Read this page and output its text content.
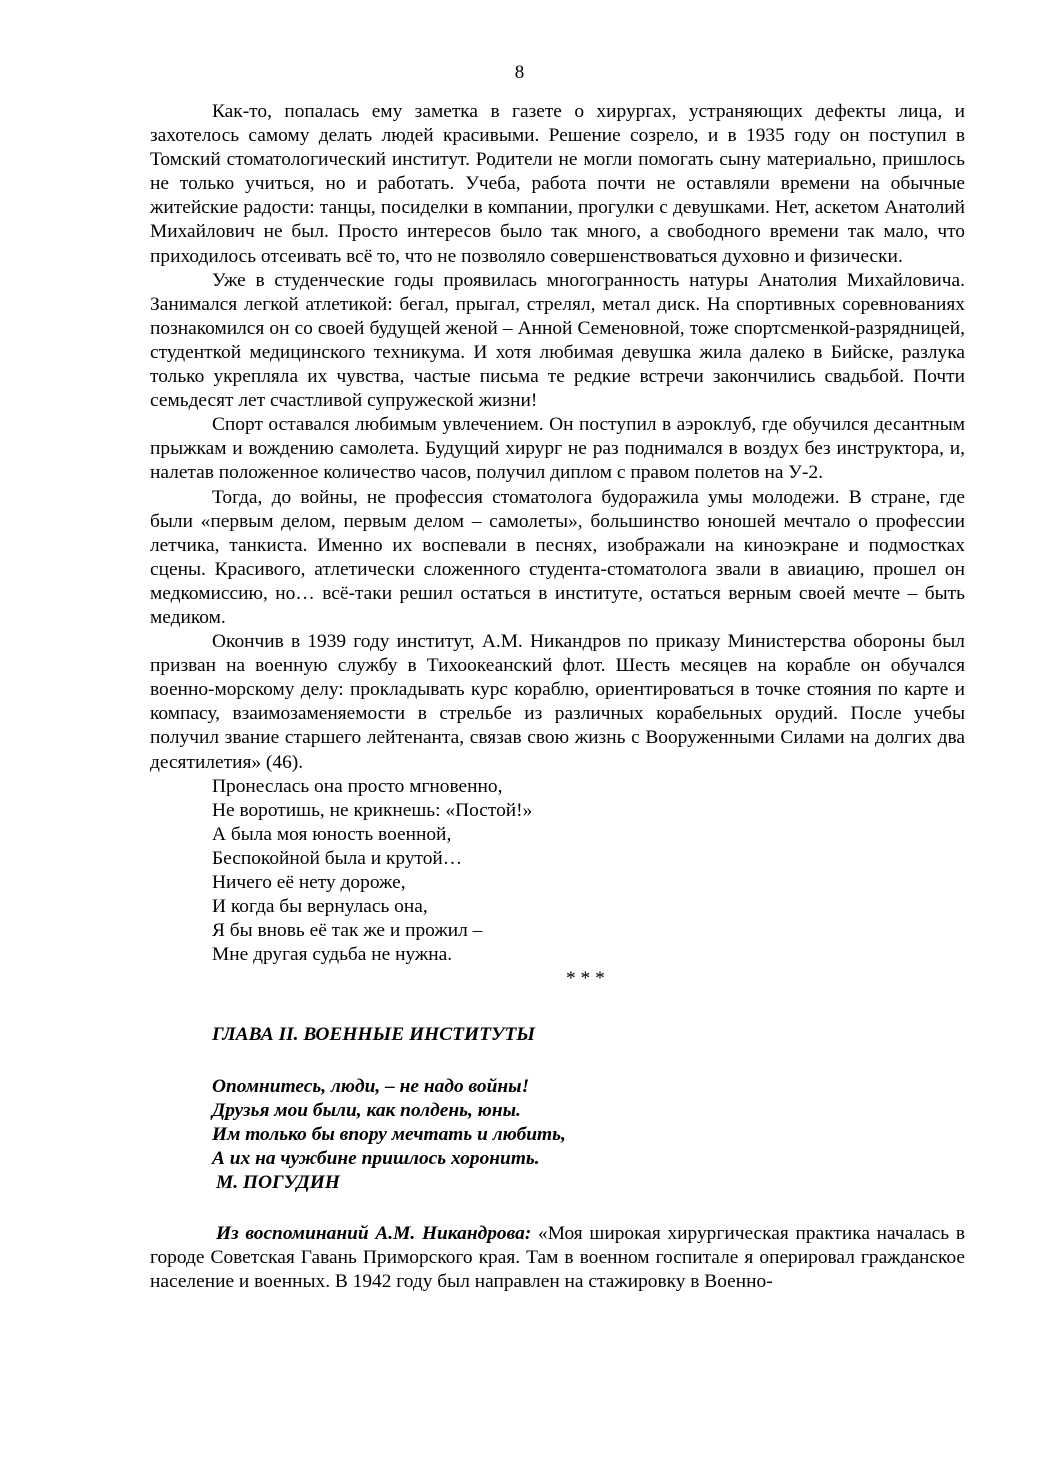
8

Как-то, попалась ему заметка в газете о хирургах, устраняющих дефекты лица, и захотелось самому делать людей красивыми. Решение созрело, и в 1935 году он поступил в Томский стоматологический институт. Родители не могли помогать сыну материально, пришлось не только учиться, но и работать. Учеба, работа почти не оставляли времени на обычные житейские радости: танцы, посиделки в компании, прогулки с девушками. Нет, аскетом Анатолий Михайлович не был. Просто интересов было так много, а свободного времени так мало, что приходилось отсеивать всё то, что не позволяло совершенствоваться духовно и физически.

Уже в студенческие годы проявилась многогранность натуры Анатолия Михайловича. Занимался легкой атлетикой: бегал, прыгал, стрелял, метал диск. На спортивных соревнованиях познакомился он со своей будущей женой – Анной Семеновной, тоже спортсменкой-разрядницей, студенткой медицинского техникума. И хотя любимая девушка жила далеко в Бийске, разлука только укрепляла их чувства, частые письма те редкие встречи закончились свадьбой. Почти семьдесят лет счастливой супружеской жизни!

Спорт оставался любимым увлечением. Он поступил в аэроклуб, где обучился десантным прыжкам и вождению самолета. Будущий хирург не раз поднимался в воздух без инструктора, и, налетав положенное количество часов, получил диплом с правом полетов на У-2.

Тогда, до войны, не профессия стоматолога будоражила умы молодежи. В стране, где были «первым делом, первым делом – самолеты», большинство юношей мечтало о профессии летчика, танкиста. Именно их воспевали в песнях, изображали на киноэкране и подмостках сцены. Красивого, атлетически сложенного студента-стоматолога звали в авиацию, прошел он медкомиссию, но… всё-таки решил остаться в институте, остаться верным своей мечте – быть медиком.

Окончив в 1939 году институт, А.М. Никандров по приказу Министерства обороны был призван на военную службу в Тихоокеанский флот. Шесть месяцев на корабле он обучался военно-морскому делу: прокладывать курс кораблю, ориентироваться в точке стояния по карте и компасу, взаимозаменяемости в стрельбе из различных корабельных орудий. После учебы получил звание старшего лейтенанта, связав свою жизнь с Вооруженными Силами на долгих два десятилетия» (46).

Пронеслась она просто мгновенно,
Не воротишь, не крикнешь: «Постой!»
А была моя юность военной,
Беспокойной была и крутой…
Ничего её нету дороже,
И когда бы вернулась она,
Я бы вновь её так же и прожил –
Мне другая судьба не нужна.
* * *
ГЛАВА II. ВОЕННЫЕ ИНСТИТУТЫ
Опомнитесь, люди, – не надо войны!
Друзья мои были, как полдень, юны.
Им только бы впору мечтать и любить,
А их на чужбине пришлось хоронить.
М. ПОГУДИН

Из воспоминаний А.М. Никандрова: «Моя широкая хирургическая практика началась в городе Советская Гавань Приморского края. Там в военном госпитале я оперировал гражданское население и военных. В 1942 году был направлен на стажировку в Военно-
